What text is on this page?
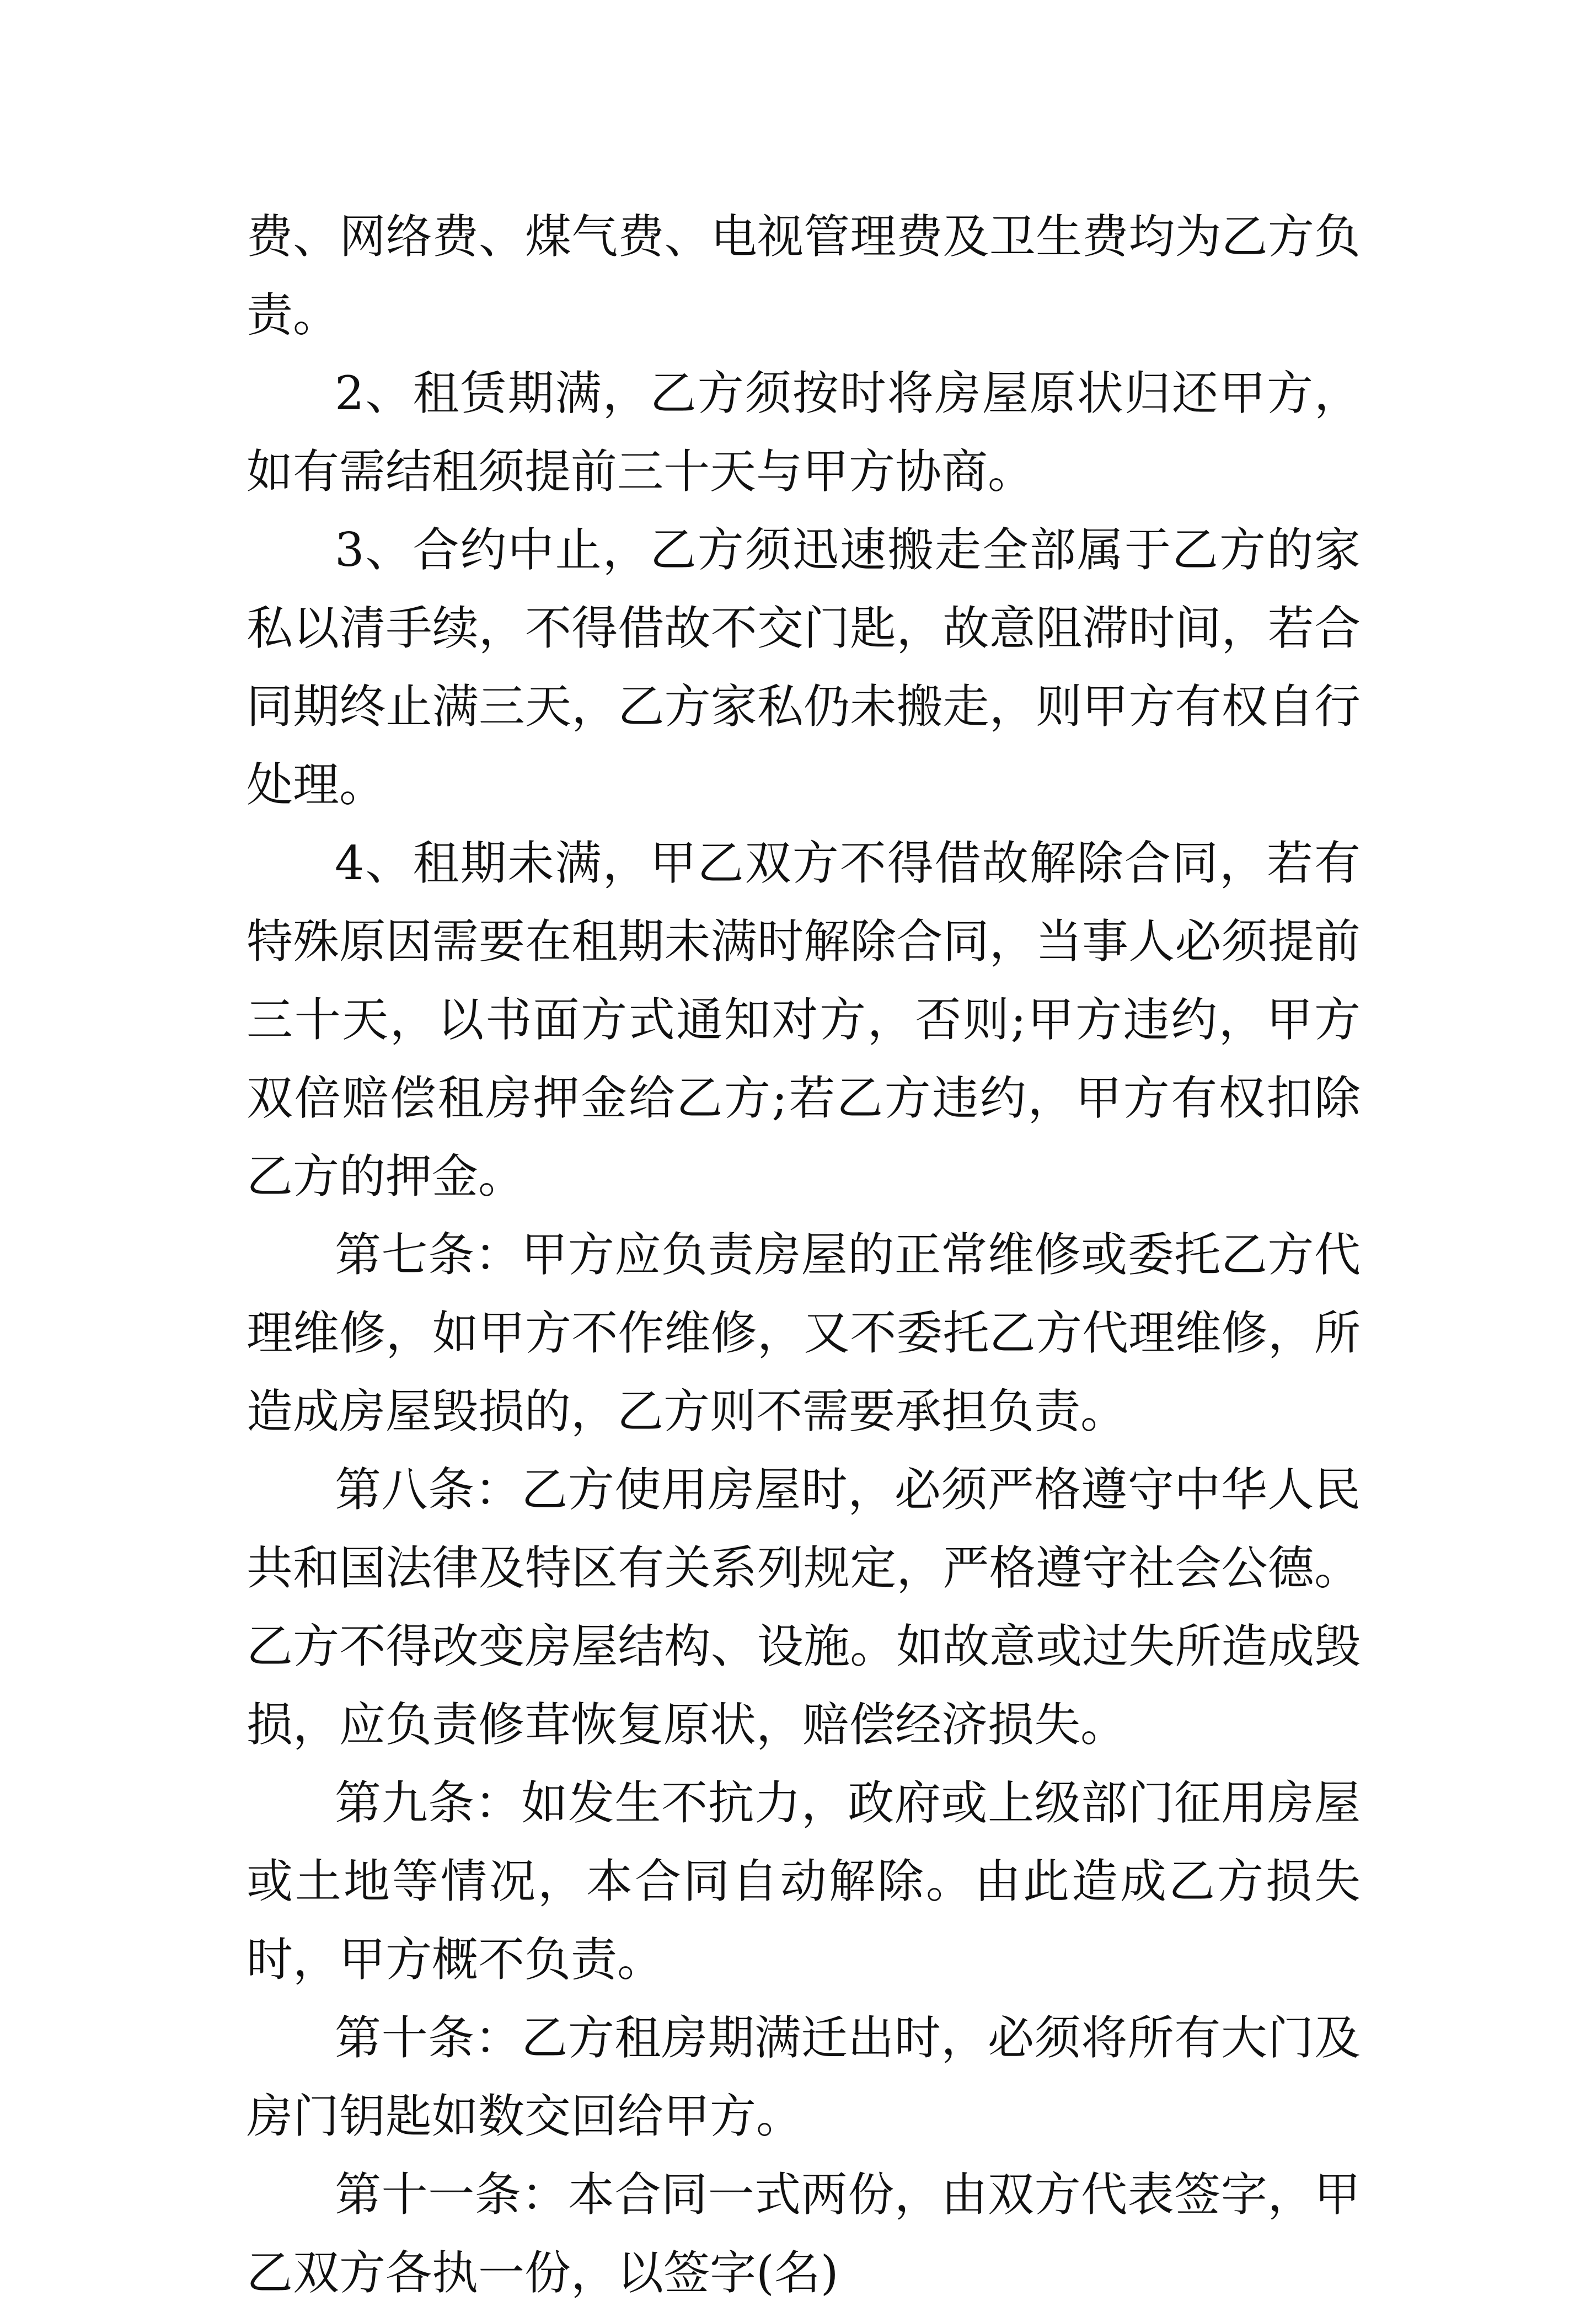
费、网络费、煤气费、电视管理费及卫生费均为乙方负责。

2、租赁期满，乙方须按时将房屋原状归还甲方，如有需结租须提前三十天与甲方协商。

3、合约中止，乙方须迅速搬走全部属于乙方的家私以清手续，不得借故不交门匙，故意阻滞时间，若合同期终止满三天，乙方家私仍未搬走，则甲方有权自行处理。

4、租期未满，甲乙双方不得借故解除合同，若有特殊原因需要在租期未满时解除合同，当事人必须提前三十天，以书面方式通知对方，否则;甲方违约，甲方双倍赔偿租房押金给乙方;若乙方违约，甲方有权扣除乙方的押金。

第七条：甲方应负责房屋的正常维修或委托乙方代理维修，如甲方不作维修，又不委托乙方代理维修，所造成房屋毁损的，乙方则不需要承担负责。

第八条：乙方使用房屋时，必须严格遵守中华人民共和国法律及特区有关系列规定，严格遵守社会公德。乙方不得改变房屋结构、设施。如故意或过失所造成毁损，应负责修茸恢复原状，赔偿经济损失。

第九条：如发生不抗力，政府或上级部门征用房屋或土地等情况，本合同自动解除。由此造成乙方损失时，甲方概不负责。

第十条：乙方租房期满迁出时，必须将所有大门及房门钥匙如数交回给甲方。

第十一条：本合同一式两份，由双方代表签字，甲乙双方各执一份，以签字(名)
